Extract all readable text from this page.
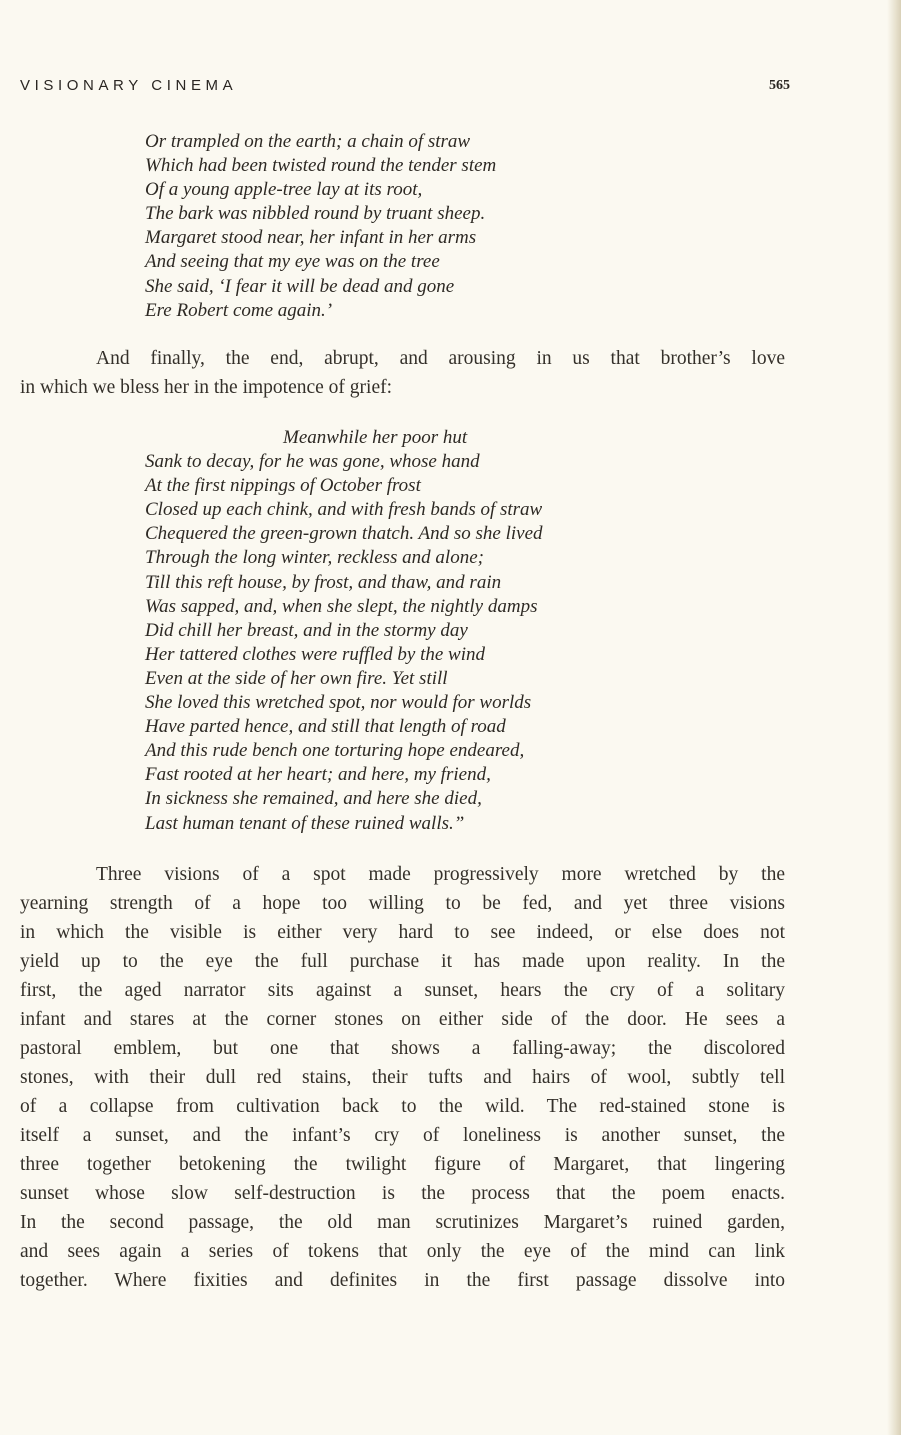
VISIONARY CINEMA	565
Or trampled on the earth; a chain of straw
Which had been twisted round the tender stem
Of a young apple-tree lay at its root,
The bark was nibbled round by truant sheep.
Margaret stood near, her infant in her arms
And seeing that my eye was on the tree
She said, ‘I fear it will be dead and gone
Ere Robert come again.’
And finally, the end, abrupt, and arousing in us that brother’s love
in which we bless her in the impotence of grief:
Meanwhile her poor hut
Sank to decay, for he was gone, whose hand
At the first nippings of October frost
Closed up each chink, and with fresh bands of straw
Chequered the green-grown thatch. And so she lived
Through the long winter, reckless and alone;
Till this reft house, by frost, and thaw, and rain
Was sapped, and, when she slept, the nightly damps
Did chill her breast, and in the stormy day
Her tattered clothes were ruffled by the wind
Even at the side of her own fire. Yet still
She loved this wretched spot, nor would for worlds
Have parted hence, and still that length of road
And this rude bench one torturing hope endeared,
Fast rooted at her heart; and here, my friend,
In sickness she remained, and here she died,
Last human tenant of these ruined walls.”
Three visions of a spot made progressively more wretched by the
yearning strength of a hope too willing to be fed, and yet three visions
in which the visible is either very hard to see indeed, or else does not
yield up to the eye the full purchase it has made upon reality. In the
first, the aged narrator sits against a sunset, hears the cry of a solitary
infant and stares at the corner stones on either side of the door. He sees a
pastoral emblem, but one that shows a falling-away; the discolored
stones, with their dull red stains, their tufts and hairs of wool, subtly tell
of a collapse from cultivation back to the wild. The red-stained stone is
itself a sunset, and the infant’s cry of loneliness is another sunset, the
three together betokening the twilight figure of Margaret, that lingering
sunset whose slow self-destruction is the process that the poem enacts.
In the second passage, the old man scrutinizes Margaret’s ruined garden,
and sees again a series of tokens that only the eye of the mind can link
together. Where fixities and definites in the first passage dissolve into
